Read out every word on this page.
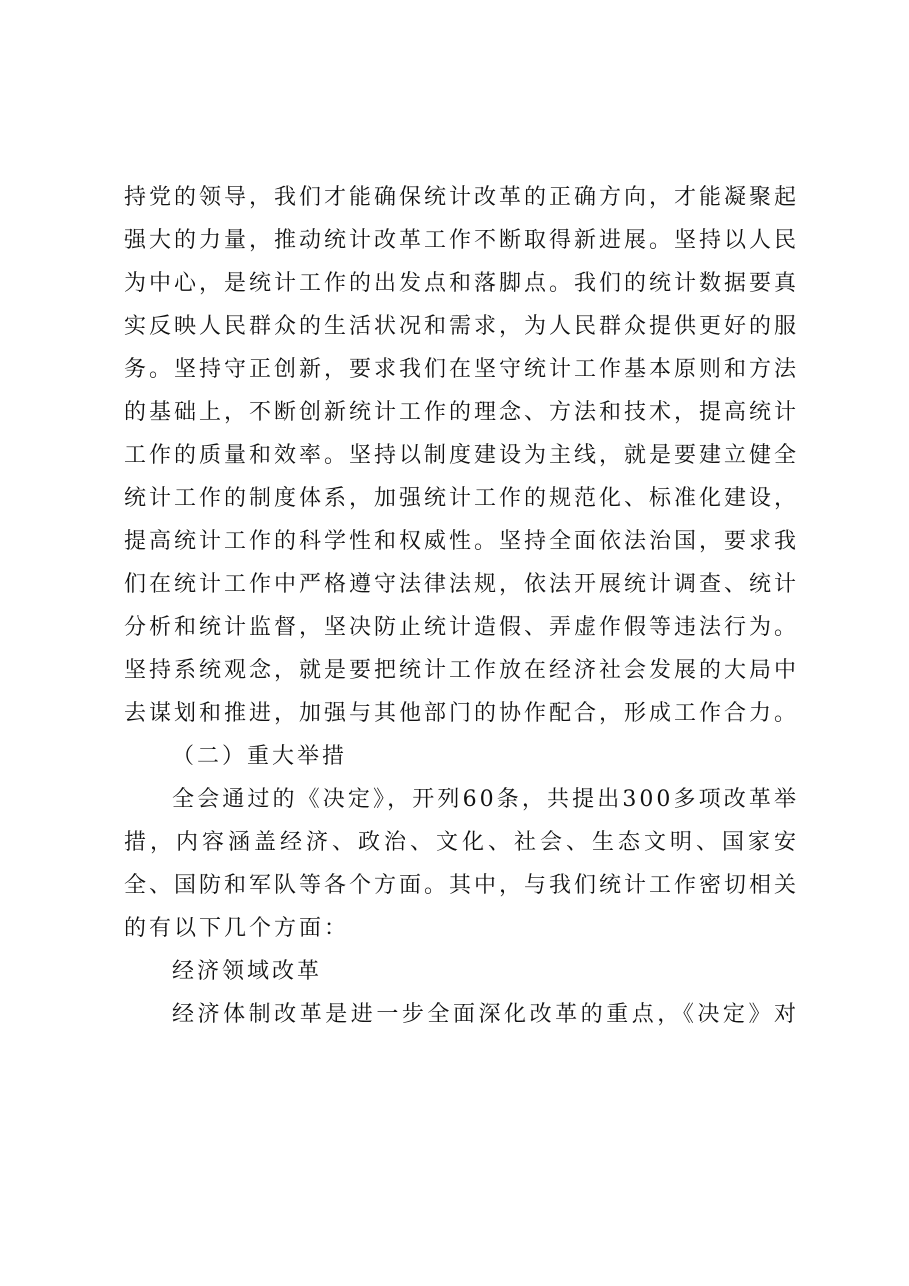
持党的领导，我们才能确保统计改革的正确方向，才能凝聚起
强大的力量，推动统计改革工作不断取得新进展。坚持以人民
为中心，是统计工作的出发点和落脚点。我们的统计数据要真
实反映人民群众的生活状况和需求，为人民群众提供更好的服
务。坚持守正创新，要求我们在坚守统计工作基本原则和方法
的基础上，不断创新统计工作的理念、方法和技术，提高统计
工作的质量和效率。坚持以制度建设为主线，就是要建立健全
统计工作的制度体系，加强统计工作的规范化、标准化建设，
提高统计工作的科学性和权威性。坚持全面依法治国，要求我
们在统计工作中严格遵守法律法规，依法开展统计调查、统计
分析和统计监督，坚决防止统计造假、弄虚作假等违法行为。
坚持系统观念，就是要把统计工作放在经济社会发展的大局中
去谋划和推进，加强与其他部门的协作配合，形成工作合力。
（二）重大举措
全会通过的《决定》，开列60条，共提出300多项改革举
措，内容涵盖经济、政治、文化、社会、生态文明、国家安
全、国防和军队等各个方面。其中，与我们统计工作密切相关
的有以下几个方面：
经济领域改革
经济体制改革是进一步全面深化改革的重点，《决定》对
